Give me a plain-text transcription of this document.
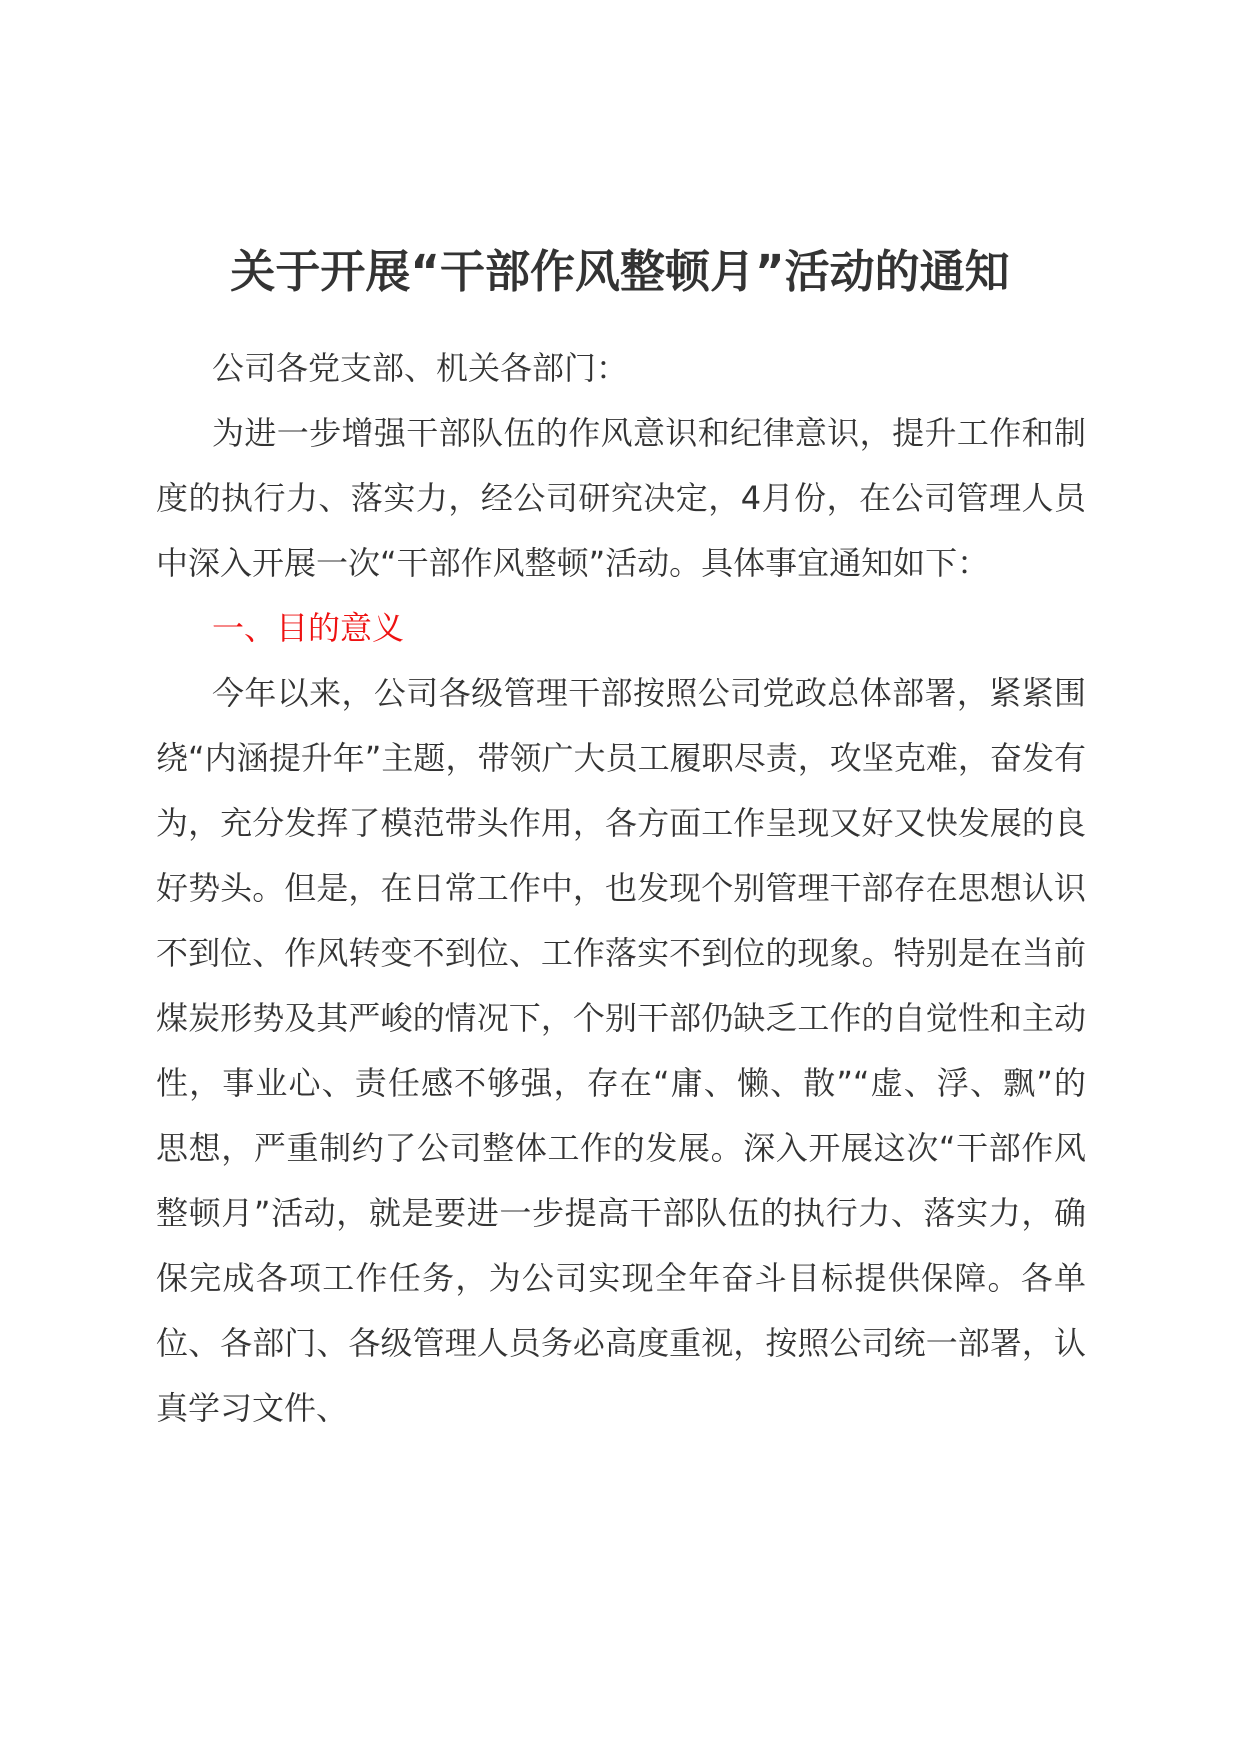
关于开展“干部作风整顿月”活动的通知

公司各党支部、机关各部门：

为进一步增强干部队伍的作风意识和纪律意识，提升工作和制度的执行力、落实力，经公司研究决定，4月份，在公司管理人员中深入开展一次“干部作风整顿”活动。具体事宜通知如下：

一、目的意义

今年以来，公司各级管理干部按照公司党政总体部署，紧紧围绕“内涵提升年”主题，带领广大员工履职尽责，攻坚克难，奋发有为，充分发挥了模范带头作用，各方面工作呈现又好又快发展的良好势头。但是，在日常工作中，也发现个别管理干部存在思想认识不到位、作风转变不到位、工作落实不到位的现象。特别是在当前煤炭形势及其严峻的情况下，个别干部仍缺乏工作的自觉性和主动性，事业心、责任感不够强，存在“庸、懒、散”“虚、浮、飘”的思想，严重制约了公司整体工作的发展。深入开展这次“干部作风整顿月”活动，就是要进一步提高干部队伍的执行力、落实力，确保完成各项工作任务，为公司实现全年奋斗目标提供保障。各单位、各部门、各级管理人员务必高度重视，按照公司统一部署，认真学习文件、
